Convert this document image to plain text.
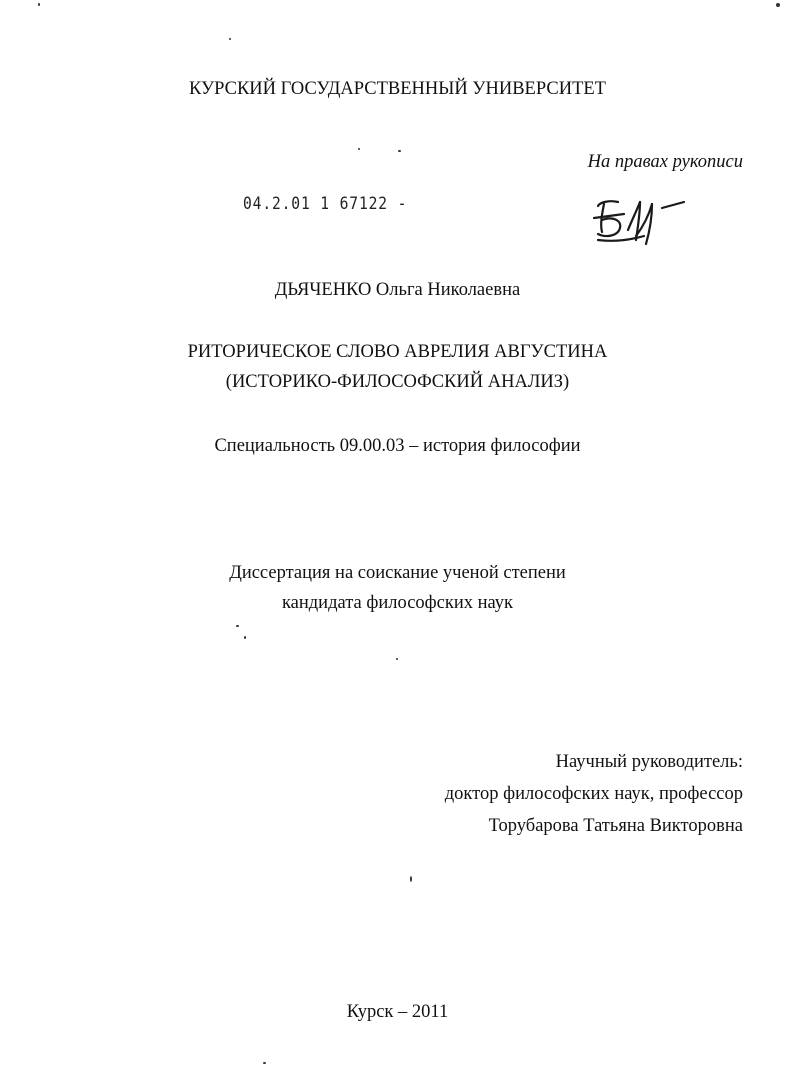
КУРСКИЙ ГОСУДАРСТВЕННЫЙ УНИВЕРСИТЕТ
На правах рукописи
04.2.01 1 67122 -
ДЬЯЧЕНКО Ольга Николаевна
РИТОРИЧЕСКОЕ СЛОВО АВРЕЛИЯ АВГУСТИНА
(ИСТОРИКО-ФИЛОСОФСКИЙ АНАЛИЗ)
Специальность 09.00.03 – история философии
Диссертация на соискание ученой степени
кандидата философских наук
Научный руководитель:
доктор философских наук, профессор
Торубарова Татьяна Викторовна
Курск – 2011
